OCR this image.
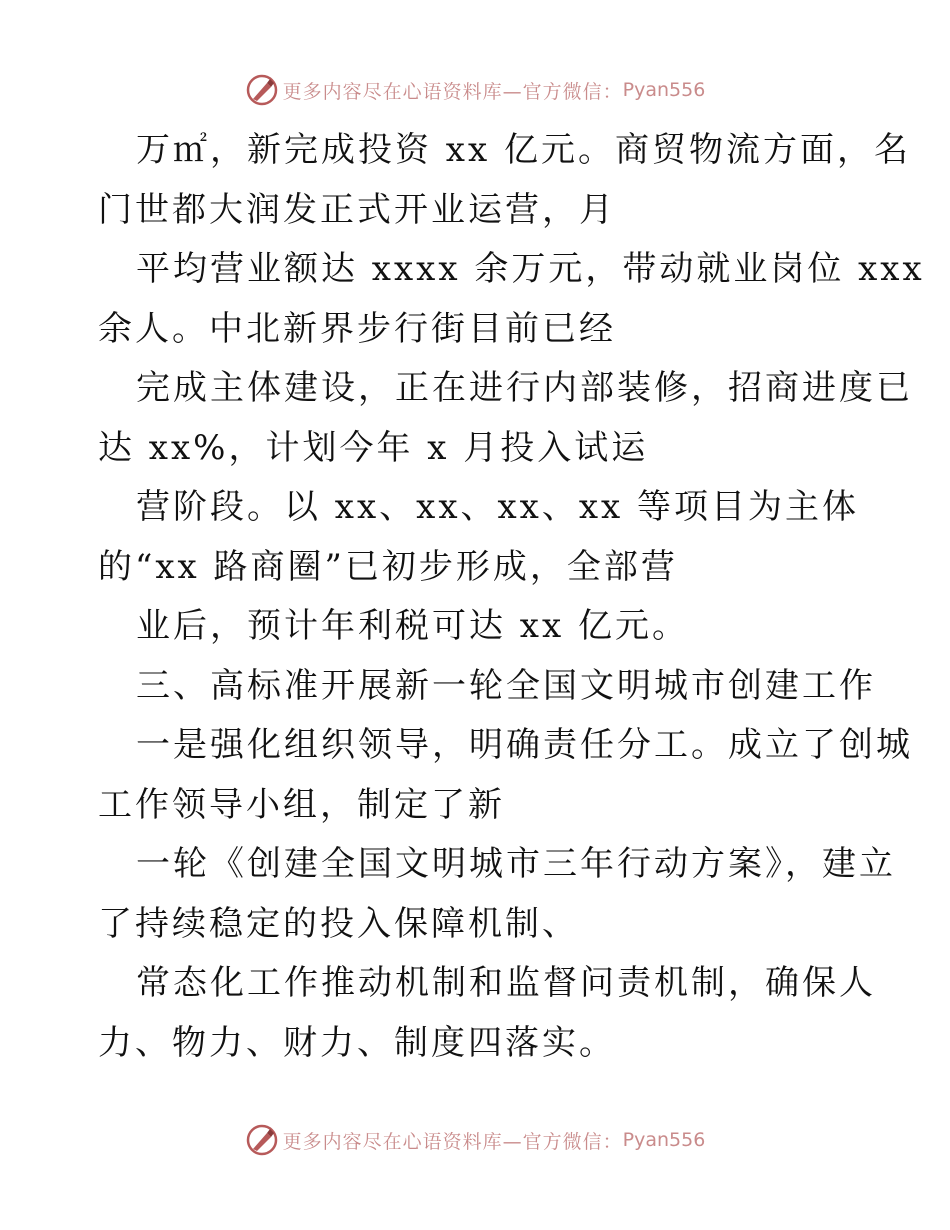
更多内容尽在心语资料库—官方微信： Pyan556
万㎡，新完成投资 xx 亿元。商贸物流方面，名
门世都大润发正式开业运营，月
平均营业额达 xxxx 余万元，带动就业岗位 xxx
余人。中北新界步行街目前已经
完成主体建设，正在进行内部装修，招商进度已
达 xx%，计划今年 x 月投入试运
营阶段。以 xx、xx、xx、xx 等项目为主体
的“xx 路商圈”已初步形成，全部营
业后，预计年利税可达 xx 亿元。
三、高标准开展新一轮全国文明城市创建工作
一是强化组织领导，明确责任分工。成立了创城
工作领导小组，制定了新
一轮《创建全国文明城市三年行动方案》，建立
了持续稳定的投入保障机制、
常态化工作推动机制和监督问责机制，确保人
力、物力、财力、制度四落实。
更多内容尽在心语资料库—官方微信： Pyan556
